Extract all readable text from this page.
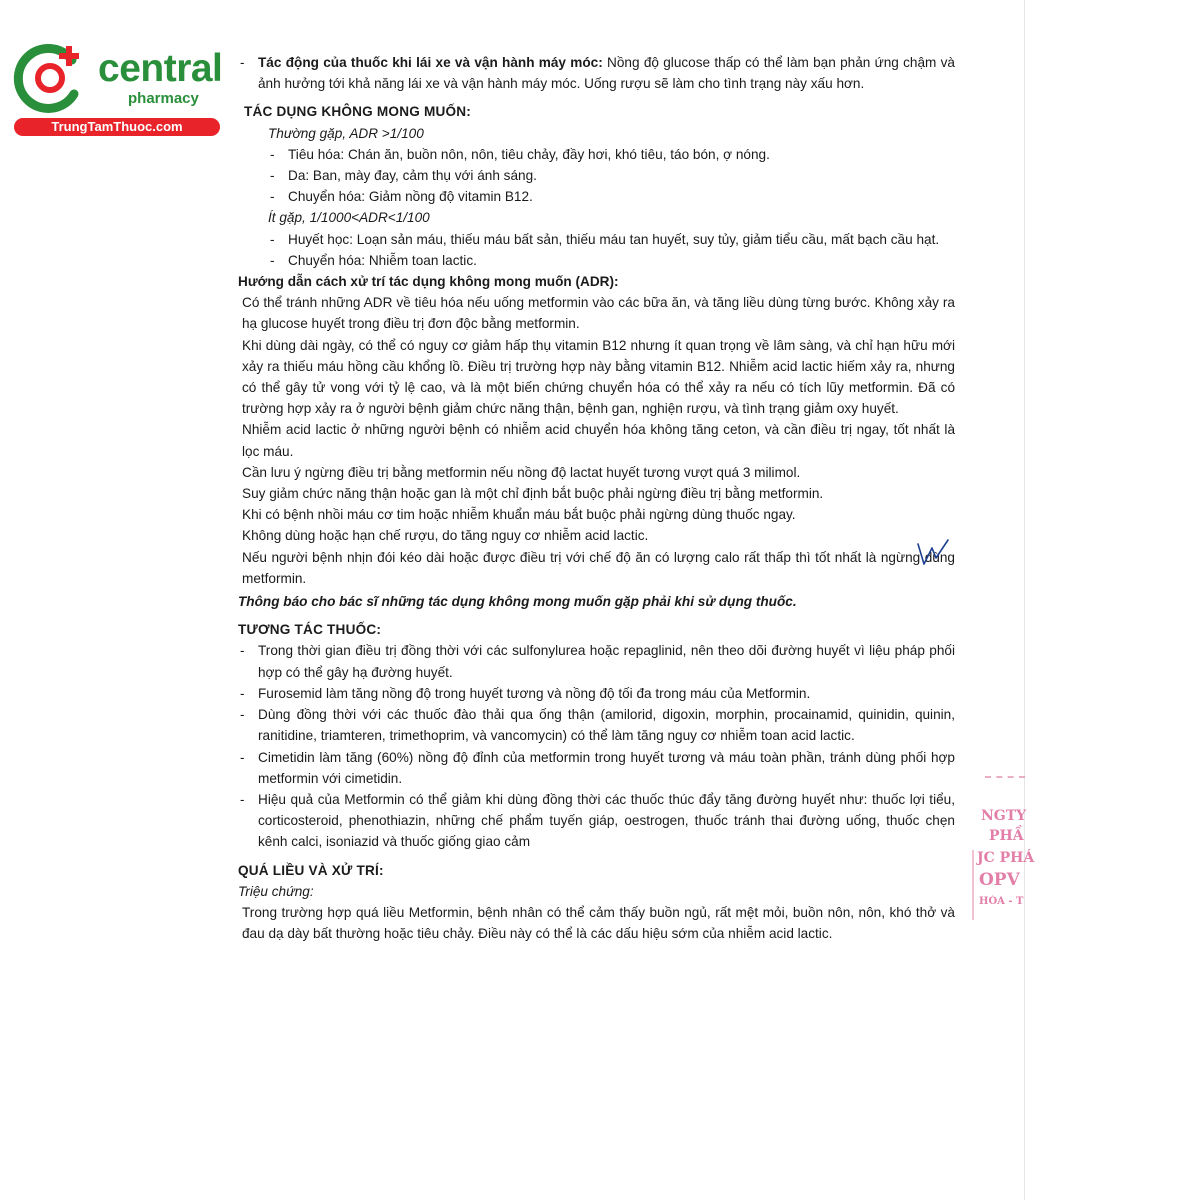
central
pharmacy
TrungTamThuoc.com

- Tác động của thuốc khi lái xe và vận hành máy móc: Nồng độ glucose thấp có thể làm bạn phản ứng chậm và ảnh hưởng tới khả năng lái xe và vận hành máy móc. Uống rượu sẽ làm cho tình trạng này xấu hơn.

TÁC DỤNG KHÔNG MONG MUỐN:

Thường gặp, ADR >1/100

- Tiêu hóa: Chán ăn, buồn nôn, nôn, tiêu chảy, đầy hơi, khó tiêu, táo bón, ợ nóng.

- Da: Ban, mày đay, cảm thụ với ánh sáng.

- Chuyển hóa: Giảm nồng độ vitamin B12.

Ít gặp, 1/1000<ADR<1/100

- Huyết học: Loạn sản máu, thiếu máu bất sản, thiếu máu tan huyết, suy tủy, giảm tiểu cầu, mất bạch cầu hạt.

- Chuyển hóa: Nhiễm toan lactic.

Hướng dẫn cách xử trí tác dụng không mong muốn (ADR):

Có thể tránh những ADR về tiêu hóa nếu uống metformin vào các bữa ăn, và tăng liều dùng từng bước. Không xảy ra hạ glucose huyết trong điều trị đơn độc bằng metformin.

Khi dùng dài ngày, có thể có nguy cơ giảm hấp thụ vitamin B12 nhưng ít quan trọng về lâm sàng, và chỉ hạn hữu mới xảy ra thiếu máu hồng cầu khổng lồ. Điều trị trường hợp này bằng vitamin B12. Nhiễm acid lactic hiếm xảy ra, nhưng có thể gây tử vong với tỷ lệ cao, và là một biến chứng chuyển hóa có thể xảy ra nếu có tích lũy metformin. Đã có trường hợp xảy ra ở người bệnh giảm chức năng thận, bệnh gan, nghiện rượu, và tình trạng giảm oxy huyết.

Nhiễm acid lactic ở những người bệnh có nhiễm acid chuyển hóa không tăng ceton, và cần điều trị ngay, tốt nhất là lọc máu.

Cần lưu ý ngừng điều trị bằng metformin nếu nồng độ lactat huyết tương vượt quá 3 milimol.

Suy giảm chức năng thận hoặc gan là một chỉ định bắt buộc phải ngừng điều trị bằng metformin.

Khi có bệnh nhồi máu cơ tim hoặc nhiễm khuẩn máu bắt buộc phải ngừng dùng thuốc ngay.

Không dùng hoặc hạn chế rượu, do tăng nguy cơ nhiễm acid lactic.

Nếu người bệnh nhịn đói kéo dài hoặc được điều trị với chế độ ăn có lượng calo rất thấp thì tốt nhất là ngừng dùng metformin.

Thông báo cho bác sĩ những tác dụng không mong muốn gặp phải khi sử dụng thuốc.

TƯƠNG TÁC THUỐC:

- Trong thời gian điều trị đồng thời với các sulfonylurea hoặc repaglinid, nên theo dõi đường huyết vì liệu pháp phối hợp có thể gây hạ đường huyết.

- Furosemid làm tăng nồng độ trong huyết tương và nồng độ tối đa trong máu của Metformin.

- Dùng đồng thời với các thuốc đào thải qua ống thận (amilorid, digoxin, morphin, procainamid, quinidin, quinin, ranitidine, triamteren, trimethoprim, và vancomycin) có thể làm tăng nguy cơ nhiễm toan acid lactic.

- Cimetidin làm tăng (60%) nồng độ đỉnh của metformin trong huyết tương và máu toàn phần, tránh dùng phối hợp metformin với cimetidin.

- Hiệu quả của Metformin có thể giảm khi dùng đồng thời các thuốc thúc đẩy tăng đường huyết như: thuốc lợi tiểu, corticosteroid, phenothiazin, những chế phẩm tuyến giáp, oestrogen, thuốc tránh thai đường uống, thuốc chẹn kênh calci, isoniazid và thuốc giống giao cảm

QUÁ LIỀU VÀ XỬ TRÍ:

Triệu chứng:

Trong trường hợp quá liều Metformin, bệnh nhân có thể cảm thấy buồn ngủ, rất mệt mỏi, buồn nôn, nôn, khó thở và đau dạ dày bất thường hoặc tiêu chảy. Điều này có thể là các dấu hiệu sớm của nhiễm acid lactic.

NGTY
PHẦ
JC PHÁ
OPV
HÓA - T
